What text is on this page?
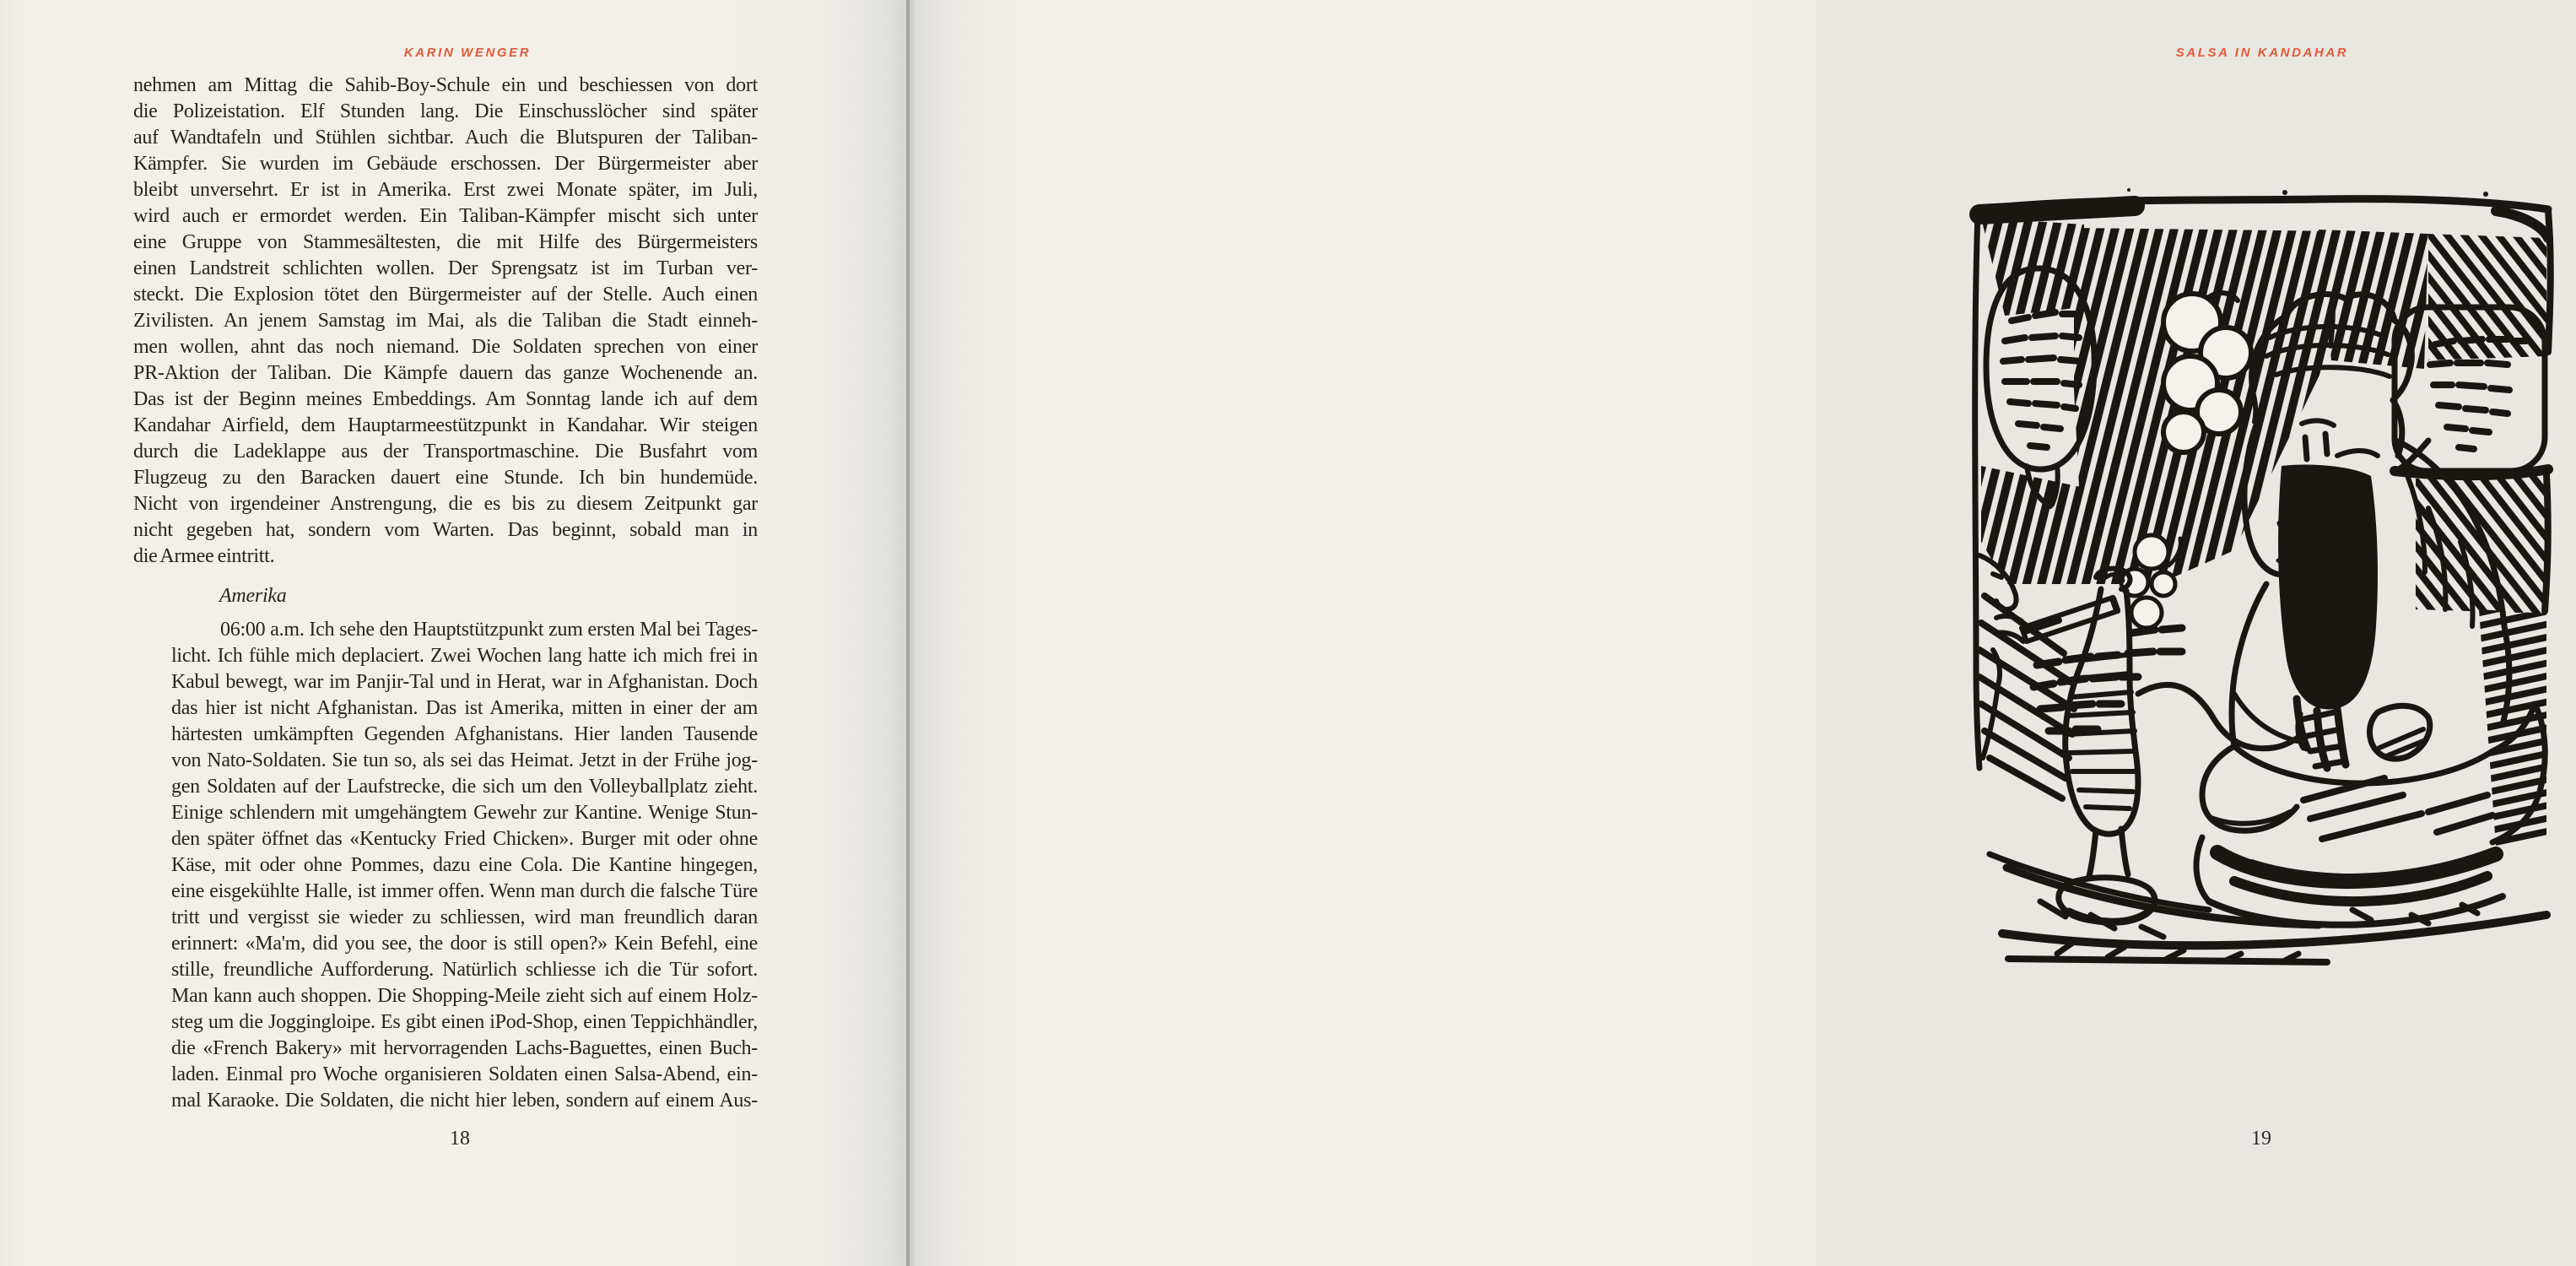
KARIN WENGER
nehmen am Mittag die Sahib-Boy-Schule ein und beschiessen von dort
die Polizeistation. Elf Stunden lang. Die Einschusslöcher sind später
auf Wandtafeln und Stühlen sichtbar. Auch die Blutspuren der Taliban-
Kämpfer. Sie wurden im Gebäude erschossen. Der Bürgermeister aber
bleibt unversehrt. Er ist in Amerika. Erst zwei Monate später, im Juli,
wird auch er ermordet werden. Ein Taliban-Kämpfer mischt sich unter
eine Gruppe von Stammesältesten, die mit Hilfe des Bürgermeisters
einen Landstreit schlichten wollen. Der Sprengsatz ist im Turban ver-
steckt. Die Explosion tötet den Bürgermeister auf der Stelle. Auch einen
Zivilisten. An jenem Samstag im Mai, als die Taliban die Stadt einneh-
men wollen, ahnt das noch niemand. Die Soldaten sprechen von einer
PR-Aktion der Taliban. Die Kämpfe dauern das ganze Wochenende an.
Das ist der Beginn meines Embeddings. Am Sonntag lande ich auf dem
Kandahar Airfield, dem Hauptarmeestützpunkt in Kandahar. Wir steigen
durch die Ladeklappe aus der Transportmaschine. Die Busfahrt vom
Flugzeug zu den Baracken dauert eine Stunde. Ich bin hundemüde.
Nicht von irgendeiner Anstrengung, die es bis zu diesem Zeitpunkt gar
nicht gegeben hat, sondern vom Warten. Das beginnt, sobald man in
die Armee eintritt.
Amerika
06:00 a.m. Ich sehe den Hauptstützpunkt zum ersten Mal bei Tages-
licht. Ich fühle mich deplaciert. Zwei Wochen lang hatte ich mich frei in
Kabul bewegt, war im Panjir-Tal und in Herat, war in Afghanistan. Doch
das hier ist nicht Afghanistan. Das ist Amerika, mitten in einer der am
härtesten umkämpften Gegenden Afghanistans. Hier landen Tausende
von Nato-Soldaten. Sie tun so, als sei das Heimat. Jetzt in der Frühe jog-
gen Soldaten auf der Laufstrecke, die sich um den Volleyballplatz zieht.
Einige schlendern mit umgehängtem Gewehr zur Kantine. Wenige Stun-
den später öffnet das «Kentucky Fried Chicken». Burger mit oder ohne
Käse, mit oder ohne Pommes, dazu eine Cola. Die Kantine hingegen,
eine eisgekühlte Halle, ist immer offen. Wenn man durch die falsche Türe
tritt und vergisst sie wieder zu schliessen, wird man freundlich daran
erinnert: «Ma'm, did you see, the door is still open?» Kein Befehl, eine
stille, freundliche Aufforderung. Natürlich schliesse ich die Tür sofort.
Man kann auch shoppen. Die Shopping-Meile zieht sich auf einem Holz-
steg um die Joggingloipe. Es gibt einen iPod-Shop, einen Teppichhändler,
die «French Bakery» mit hervorragenden Lachs-Baguettes, einen Buch-
laden. Einmal pro Woche organisieren Soldaten einen Salsa-Abend, ein-
mal Karaoke. Die Soldaten, die nicht hier leben, sondern auf einem Aus-
18
SALSA IN KANDAHAR
19
